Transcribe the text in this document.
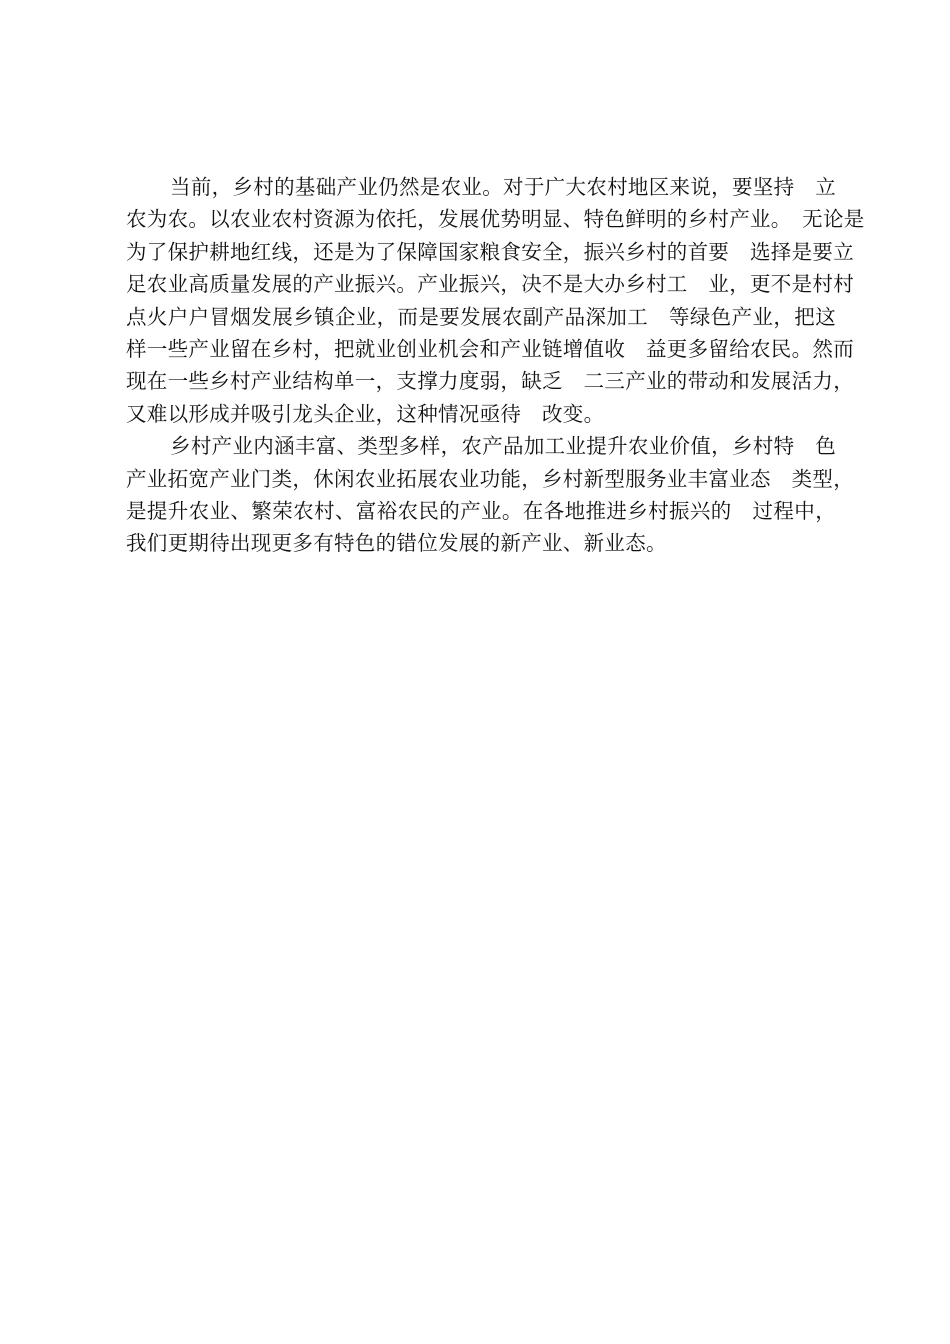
当前，乡村的基础产业仍然是农业。对于广大农村地区来说，要坚持　立
农为农。以农业农村资源为依托，发展优势明显、特色鲜明的乡村产业。　无论是
为了保护耕地红线，还是为了保障国家粮食安全，振兴乡村的首要　选择是要立
足农业高质量发展的产业振兴。产业振兴，决不是大办乡村工　业，更不是村村
点火户户冒烟发展乡镇企业，而是要发展农副产品深加工　等绿色产业，把这
样一些产业留在乡村，把就业创业机会和产业链增值收　益更多留给农民。然而
现在一些乡村产业结构单一，支撑力度弱，缺乏　二三产业的带动和发展活力，
又难以形成并吸引龙头企业，这种情况亟待　改变。

乡村产业内涵丰富、类型多样，农产品加工业提升农业价值，乡村特　色
产业拓宽产业门类，休闲农业拓展农业功能，乡村新型服务业丰富业态　类型，
是提升农业、繁荣农村、富裕农民的产业。在各地推进乡村振兴的　过程中，
我们更期待出现更多有特色的错位发展的新产业、新业态。
